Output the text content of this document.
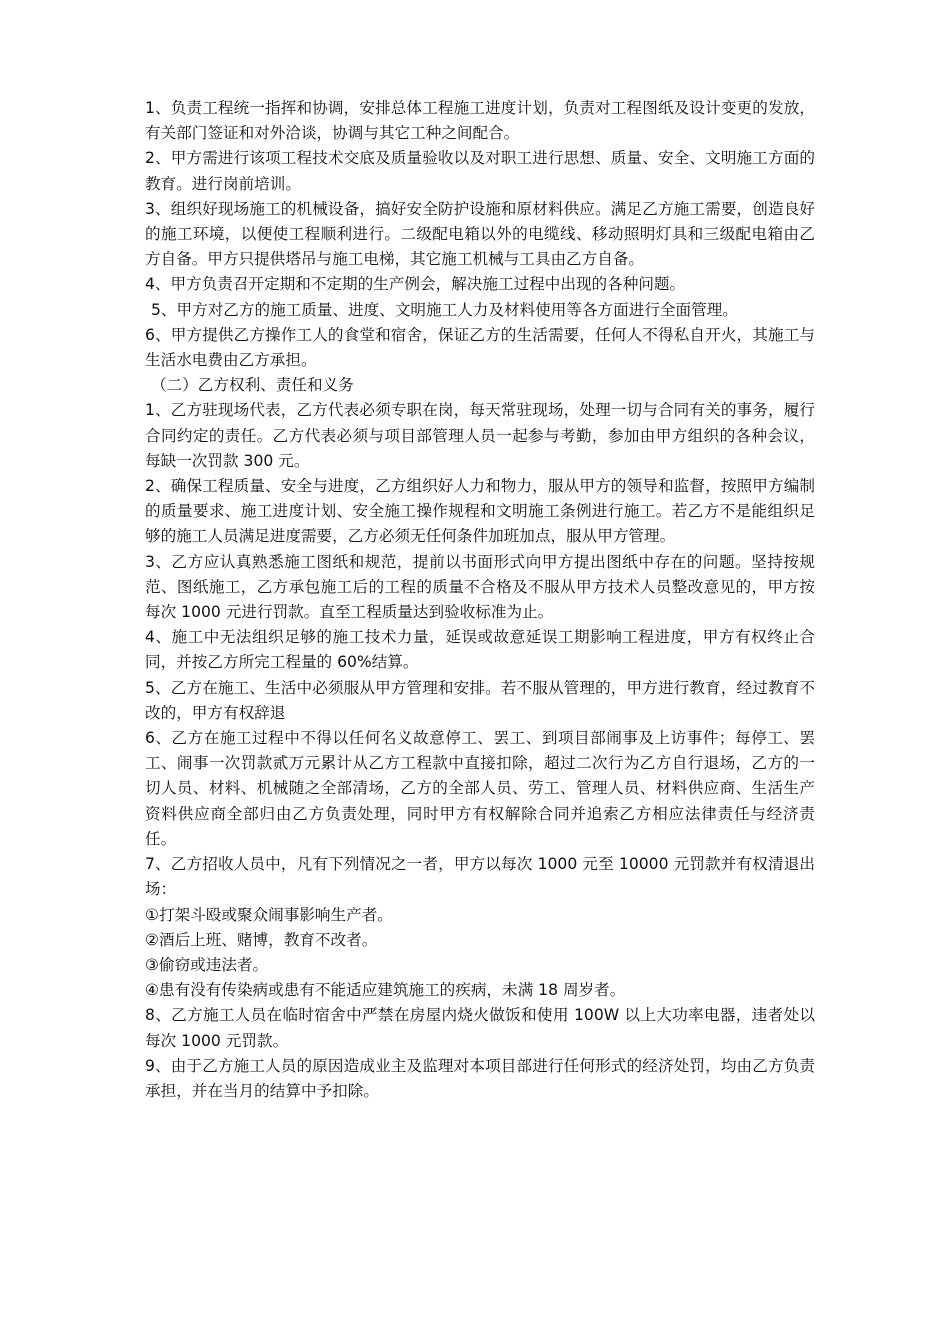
1、负责工程统一指挥和协调，安排总体工程施工进度计划，负责对工程图纸及设计变更的发放，有关部门签证和对外洽谈，协调与其它工种之间配合。

2、甲方需进行该项工程技术交底及质量验收以及对职工进行思想、质量、安全、文明施工方面的教育。进行岗前培训。

3、组织好现场施工的机械设备，搞好安全防护设施和原材料供应。满足乙方施工需要，创造良好的施工环境，以便使工程顺利进行。二级配电箱以外的电缆线、移动照明灯具和三级配电箱由乙方自备。甲方只提供塔吊与施工电梯，其它施工机械与工具由乙方自备。

4、甲方负责召开定期和不定期的生产例会，解决施工过程中出现的各种问题。

5、甲方对乙方的施工质量、进度、文明施工人力及材料使用等各方面进行全面管理。

6、甲方提供乙方操作工人的食堂和宿舍，保证乙方的生活需要，任何人不得私自开火，其施工与生活水电费由乙方承担。

（二）乙方权利、责任和义务

1、乙方驻现场代表，乙方代表必须专职在岗，每天常驻现场，处理一切与合同有关的事务，履行合同约定的责任。乙方代表必须与项目部管理人员一起参与考勤，参加由甲方组织的各种会议，每缺一次罚款 300 元。

2、确保工程质量、安全与进度，乙方组织好人力和物力，服从甲方的领导和监督，按照甲方编制的质量要求、施工进度计划、安全施工操作规程和文明施工条例进行施工。若乙方不是能组织足够的施工人员满足进度需要，乙方必须无任何条件加班加点，服从甲方管理。

3、乙方应认真熟悉施工图纸和规范，提前以书面形式向甲方提出图纸中存在的问题。坚持按规范、图纸施工，乙方承包施工后的工程的质量不合格及不服从甲方技术人员整改意见的，甲方按每次 1000 元进行罚款。直至工程质量达到验收标准为止。

4、施工中无法组织足够的施工技术力量，延误或故意延误工期影响工程进度，甲方有权终止合同，并按乙方所完工程量的 60%结算。

5、乙方在施工、生活中必须服从甲方管理和安排。若不服从管理的，甲方进行教育，经过教育不改的，甲方有权辞退

6、乙方在施工过程中不得以任何名义故意停工、罢工、到项目部闹事及上访事件；每停工、罢工、闹事一次罚款贰万元累计从乙方工程款中直接扣除，超过二次行为乙方自行退场，乙方的一切人员、材料、机械随之全部清场，乙方的全部人员、劳工、管理人员、材料供应商、生活生产资料供应商全部归由乙方负责处理，同时甲方有权解除合同并追索乙方相应法律责任与经济责任。

7、乙方招收人员中，凡有下列情况之一者，甲方以每次 1000 元至 10000 元罚款并有权清退出场：

①打架斗殴或聚众闹事影响生产者。

②酒后上班、赌博，教育不改者。

③偷窃或违法者。

④患有没有传染病或患有不能适应建筑施工的疾病，未满 18 周岁者。

8、乙方施工人员在临时宿舍中严禁在房屋内烧火做饭和使用 100W 以上大功率电器，违者处以每次 1000 元罚款。

9、由于乙方施工人员的原因造成业主及监理对本项目部进行任何形式的经济处罚，均由乙方负责承担，并在当月的结算中予扣除。
